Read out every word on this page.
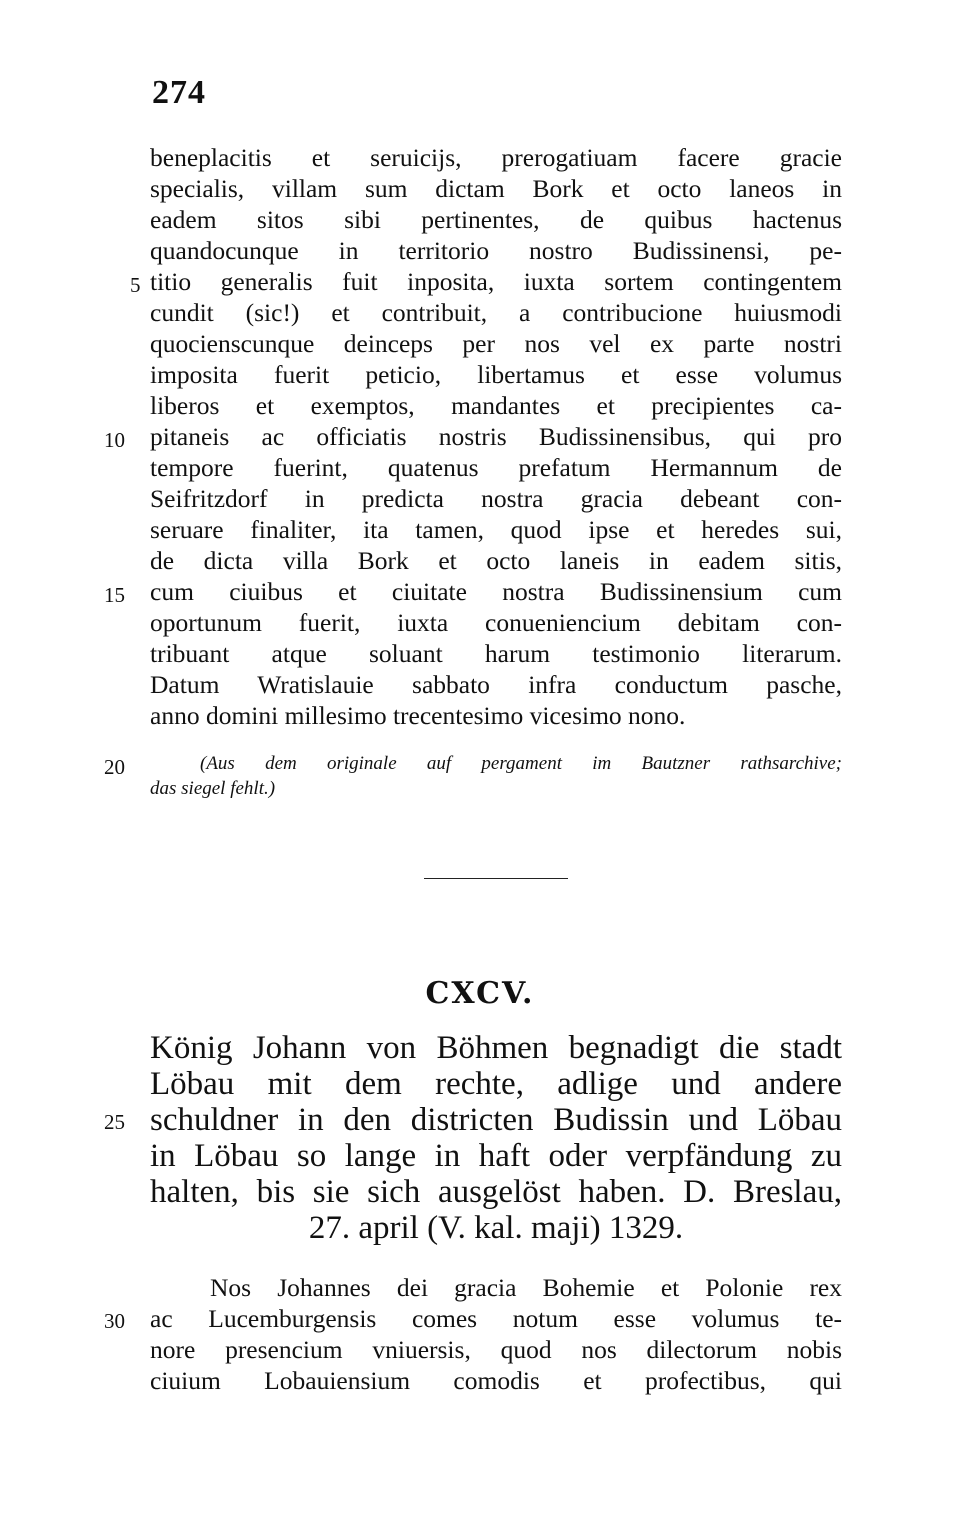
274
beneplacitis et seruicijs, prerogatiuam facere gracie
specialis, villam sum dictam Bork et octo laneos in
eadem sitos sibi pertinentes, de quibus hactenus
quandocunque in territorio nostro Budissinensi, pe-
titio generalis fuit inposita, iuxta sortem contingentem
cundit (sic!) et contribuit, a contribucione huiusmodi
quocienscunque deinceps per nos vel ex parte nostri
imposita fuerit peticio, libertamus et esse volumus
liberos et exemptos, mandantes et precipientes ca-
pitaneis ac officiatis nostris Budissinensibus, qui pro
tempore fuerint, quatenus prefatum Hermannum de
Seifritzdorf in predicta nostra gracia debeant con-
seruare finaliter, ita tamen, quod ipse et heredes sui,
de dicta villa Bork et octo laneis in eadem sitis,
cum ciuibus et ciuitate nostra Budissinensium cum
oportunum fuerit, iuxta conueniencium debitam con-
tribuant atque soluant harum testimonio literarum.
Datum Wratislauie sabbato infra conductum pasche,
anno domini millesimo trecentesimo vicesimo nono.
(Aus dem originale auf pergament im Bautzner rathsarchive;
das siegel fehlt.)
CXCV.
König Johann von Böhmen begnadigt die stadt
Löbau mit dem rechte, adlige und andere
schuldner in den districten Budissin und Löbau
in Löbau so lange in haft oder verpfändung zu
halten, bis sie sich ausgelöst haben. D. Breslau,
27. april (V. kal. maji) 1329.
Nos Johannes dei gracia Bohemie et Polonie rex
ac Lucemburgensis comes notum esse volumus te-
nore presencium vniuersis, quod nos dilectorum nobis
ciuium Lobauiensium comodis et profectibus, qui
5
10
15
20
25
30
